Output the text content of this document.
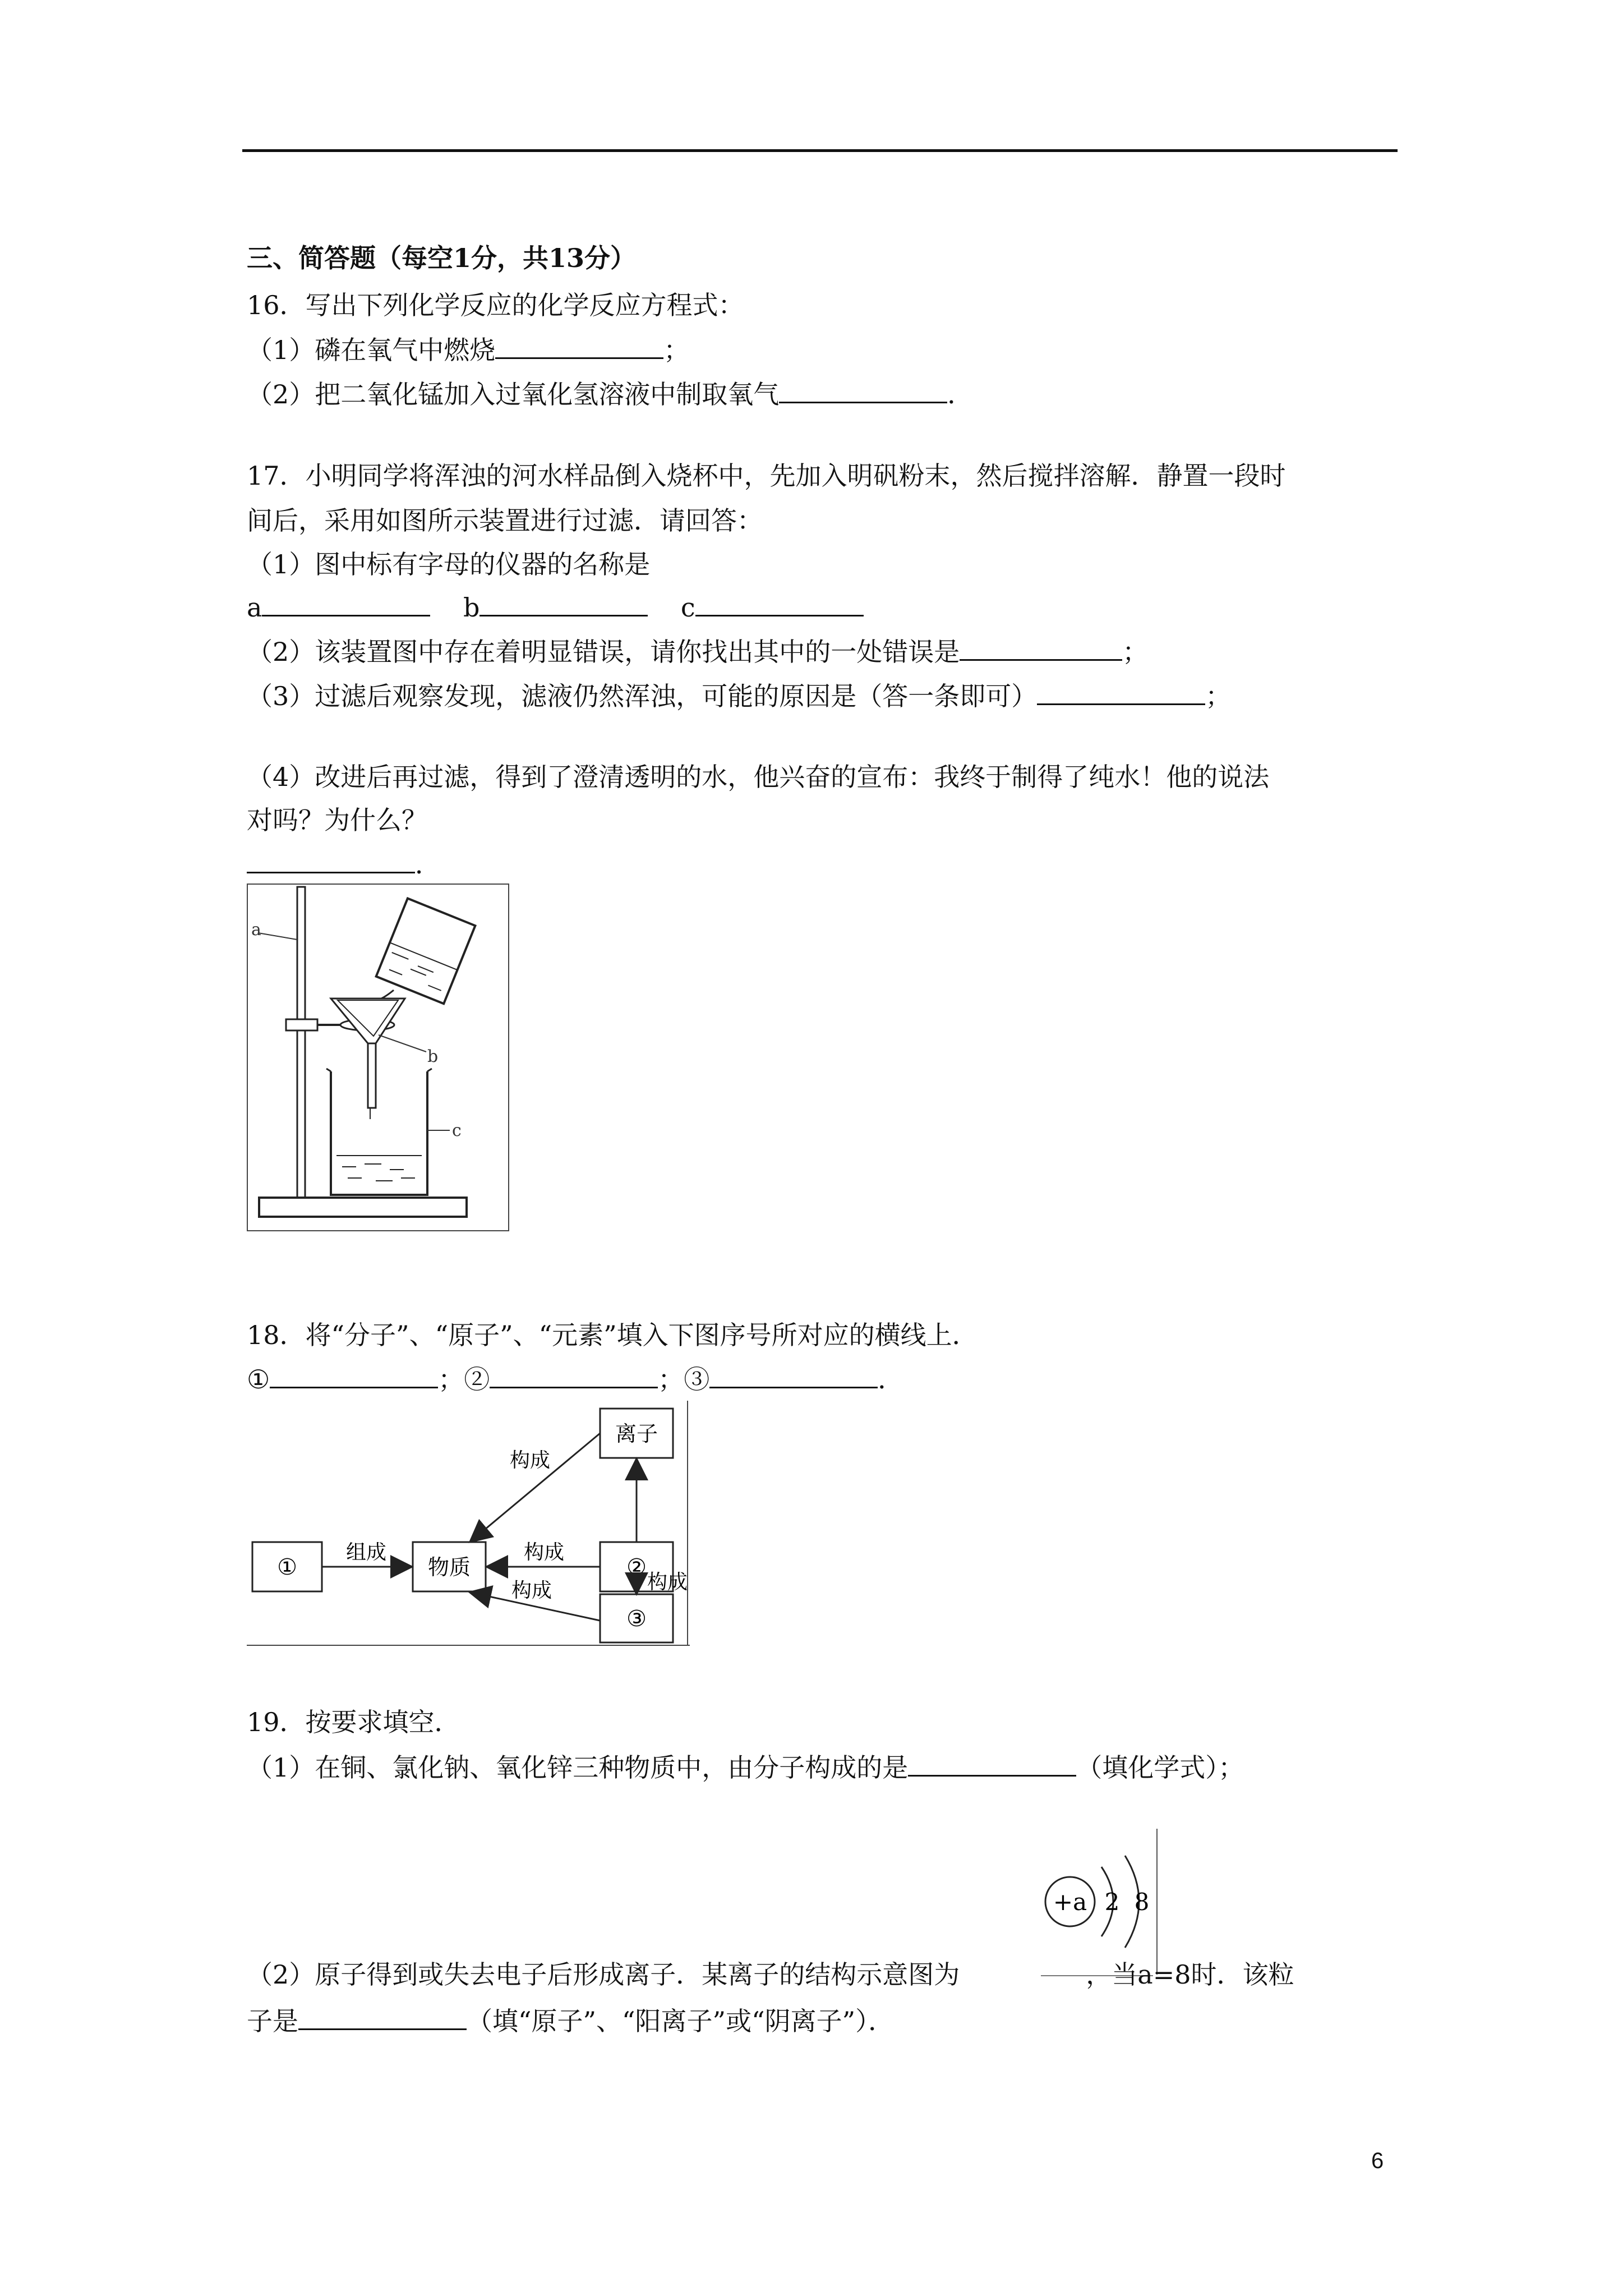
三、简答题（每空1分，共13分）
16．写出下列化学反应的化学反应方程式：
（1）磷在氧气中燃烧	；
（2）把二氧化锰加入过氧化氢溶液中制取氧气	．
17．小明同学将浑浊的河水样品倒入烧杯中，先加入明矾粉末，然后搅拌溶解．静置一段时
间后，采用如图所示装置进行过滤．请回答：
（1）图中标有字母的仪器的名称是
a	b	c
（2）该装置图中存在着明显错误，请你找出其中的一处错误是	；
（3）过滤后观察发现，滤液仍然浑浊，可能的原因是（答一条即可）	；
（4）改进后再过滤，得到了澄清透明的水，他兴奋的宣布：我终于制得了纯水！他的说法
对吗？为什么？
．
a
b
c
18．将“分子”、“原子”、“元素”填入下图序号所对应的横线上．
①	；②	；③	．
①	物质
离子
②
③
组成	构成
构成
构成	构成
19．按要求填空．
（1）在铜、氯化钠、氧化锌三种物质中，由分子构成的是	（填化学式）；
+a 2 8
（2）原子得到或失去电子后形成离子．某离子的结构示意图为	，当a=8时．该粒
子是	（填“原子”、“阳离子”或“阴离子”）．
6
